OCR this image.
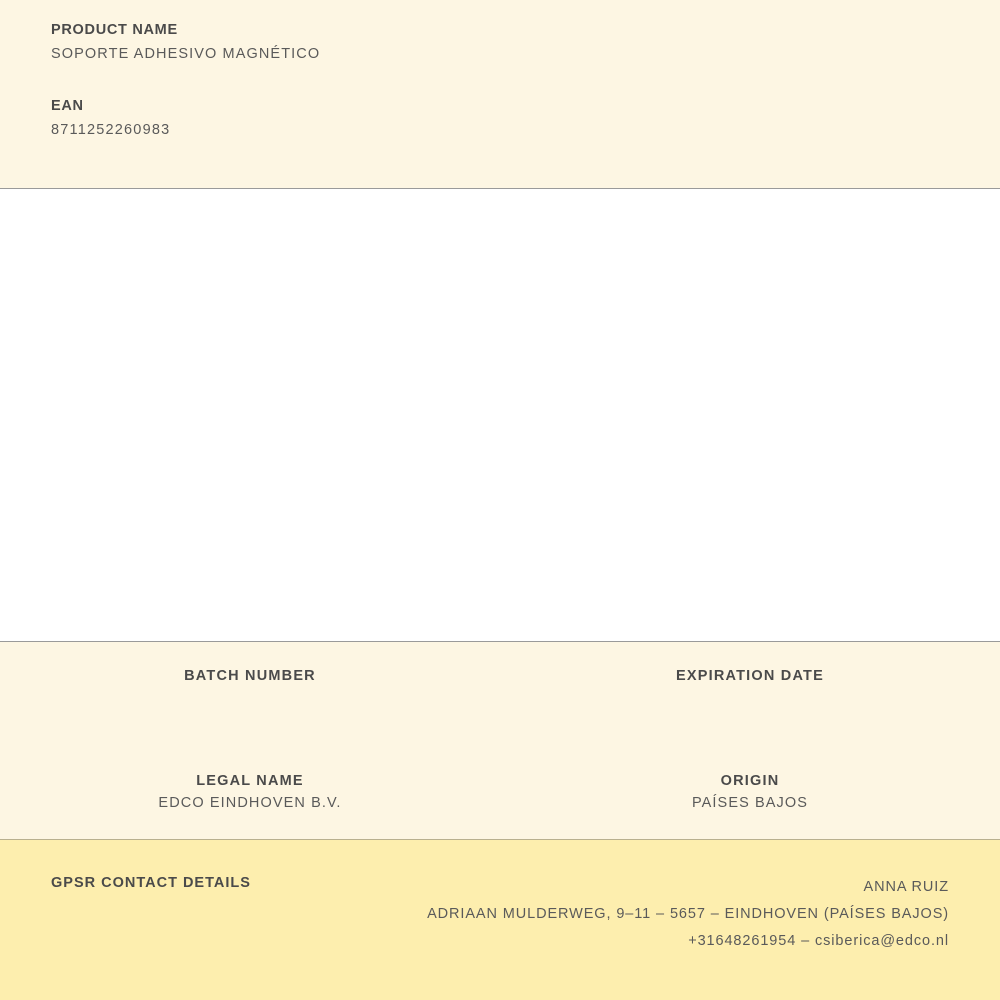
PRODUCT NAME

SOPORTE ADHESIVO MAGNÉTICO

EAN

8711252260983

BATCH NUMBER	EXPIRATION DATE

LEGAL NAME

EDCO EINDHOVEN B.V.

ORIGIN

PAÍSES BAJOS

GPSR CONTACT DETAILS	ANNA RUIZ
ADRIAAN MULDERWEG, 9–11 – 5657 – EINDHOVEN (PAÍSES BAJOS)
+31648261954 – csiberica@edco.nl
